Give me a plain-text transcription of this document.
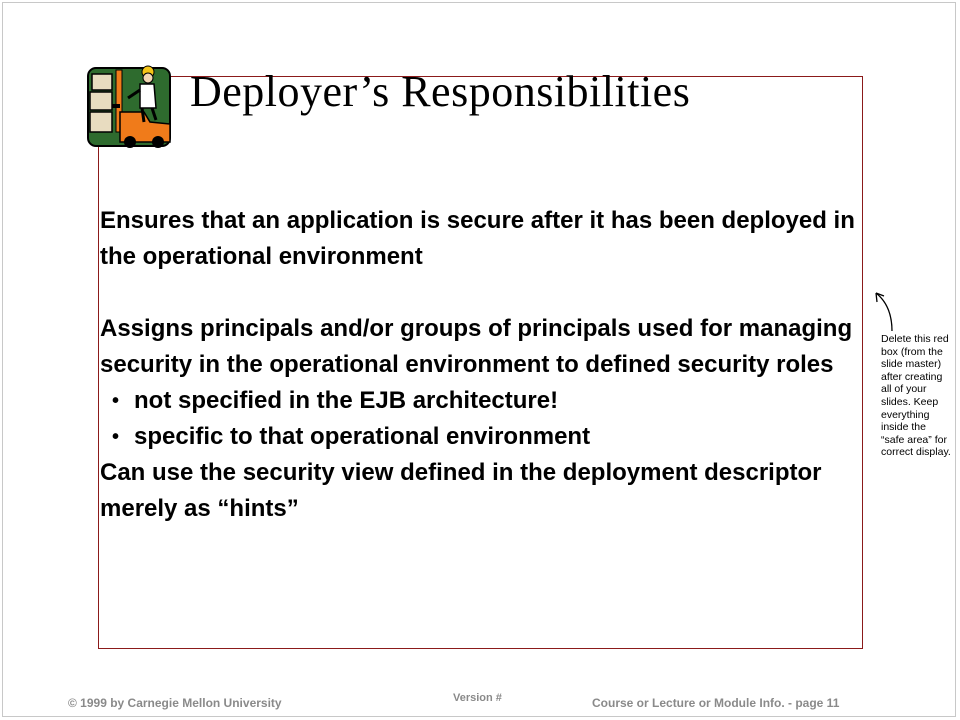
Deployer’s Responsibilities

Ensures that an application is secure after it has been deployed in the operational environment

Assigns principals and/or groups of principals used for managing security in the operational environment to defined security roles

• not specified in the EJB architecture!
• specific to that operational environment

Can use the security view defined in the deployment descriptor merely as “hints”

Delete this red box (from the slide master) after creating all of your slides. Keep everything inside the “safe area” for correct display.
© 1999 by Carnegie Mellon University	Version #	Course or Lecture or Module Info. - page 11
